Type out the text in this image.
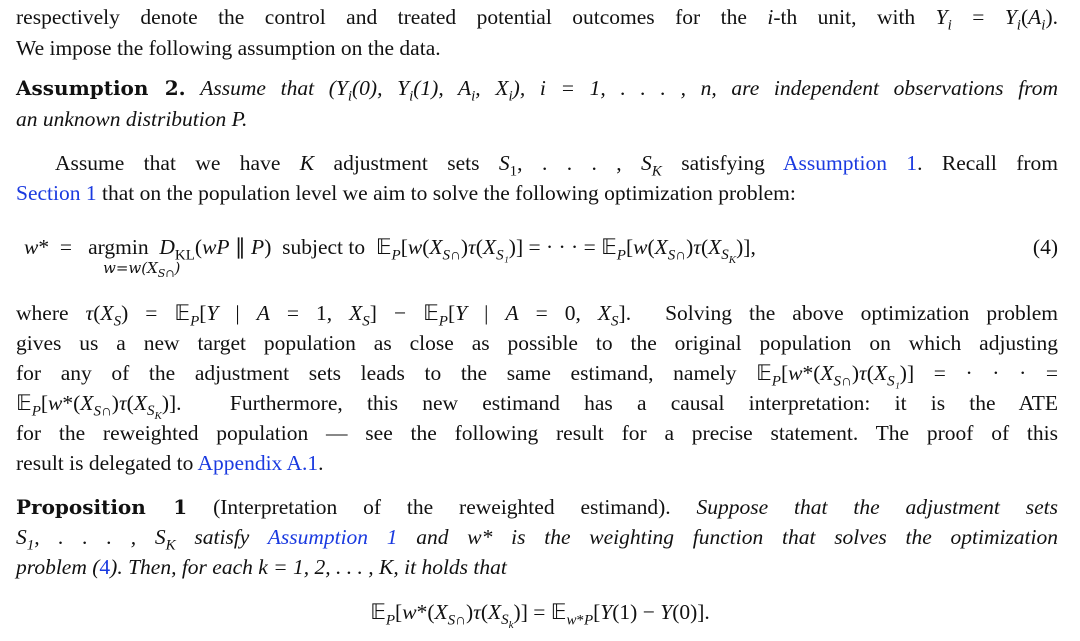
respectively denote the control and treated potential outcomes for the i-th unit, with $Y_i = Y_i(A_i)$.
We impose the following assumption on the data.
Assumption 2. Assume that ($Y_i(0)$, $Y_i(1)$, $A_i$, $X_i$), i = 1, . . . , n, are independent observations from
an unknown distribution P.
Assume that we have K adjustment sets $S_1$, . . . , $S_K$ satisfying Assumption 1. Recall from
Section 1 that on the population level we aim to solve the following optimization problem:
w*  =   argmin  $D_{KL}(wP$ ∥ P)  subject to  $𝔼_P[w(X_{S\cap})\tau(X_{S_1})]$ = · · · = $𝔼_P[w(X_{S\cap})\tau(X_{S_K})]$,	(4)
$w=w(X_{S\cap})$
where $\tau(X_S)$ = 𝔼$_P$[Y | A = 1, $X_S$] − 𝔼$_P$[Y | A = 0, $X_S$].  Solving the above optimization problem
gives us a new target population as close as possible to the original population on which adjusting
for any of the adjustment sets leads to the same estimand, namely $𝔼_P[w*(X_{S\cap})\tau(X_{S_1})]$ = · · · =
$𝔼_P[w*(X_{S\cap})\tau(X_{S_K})]$.  Furthermore, this new estimand has a causal interpretation: it is the ATE
for the reweighted population — see the following result for a precise statement. The proof of this
result is delegated to Appendix A.1.
Proposition 1 (Interpretation of the reweighted estimand). Suppose that the adjustment sets
$S_1$, . . . , $S_K$ satisfy Assumption 1 and w* is the weighting function that solves the optimization
problem (4). Then, for each k = 1, 2, . . . , K, it holds that
$𝔼_P[w*(X_{S\cap})\tau(X_{S_k})]$ = 𝔼$_{w*P}$[Y(1) − Y(0)].
